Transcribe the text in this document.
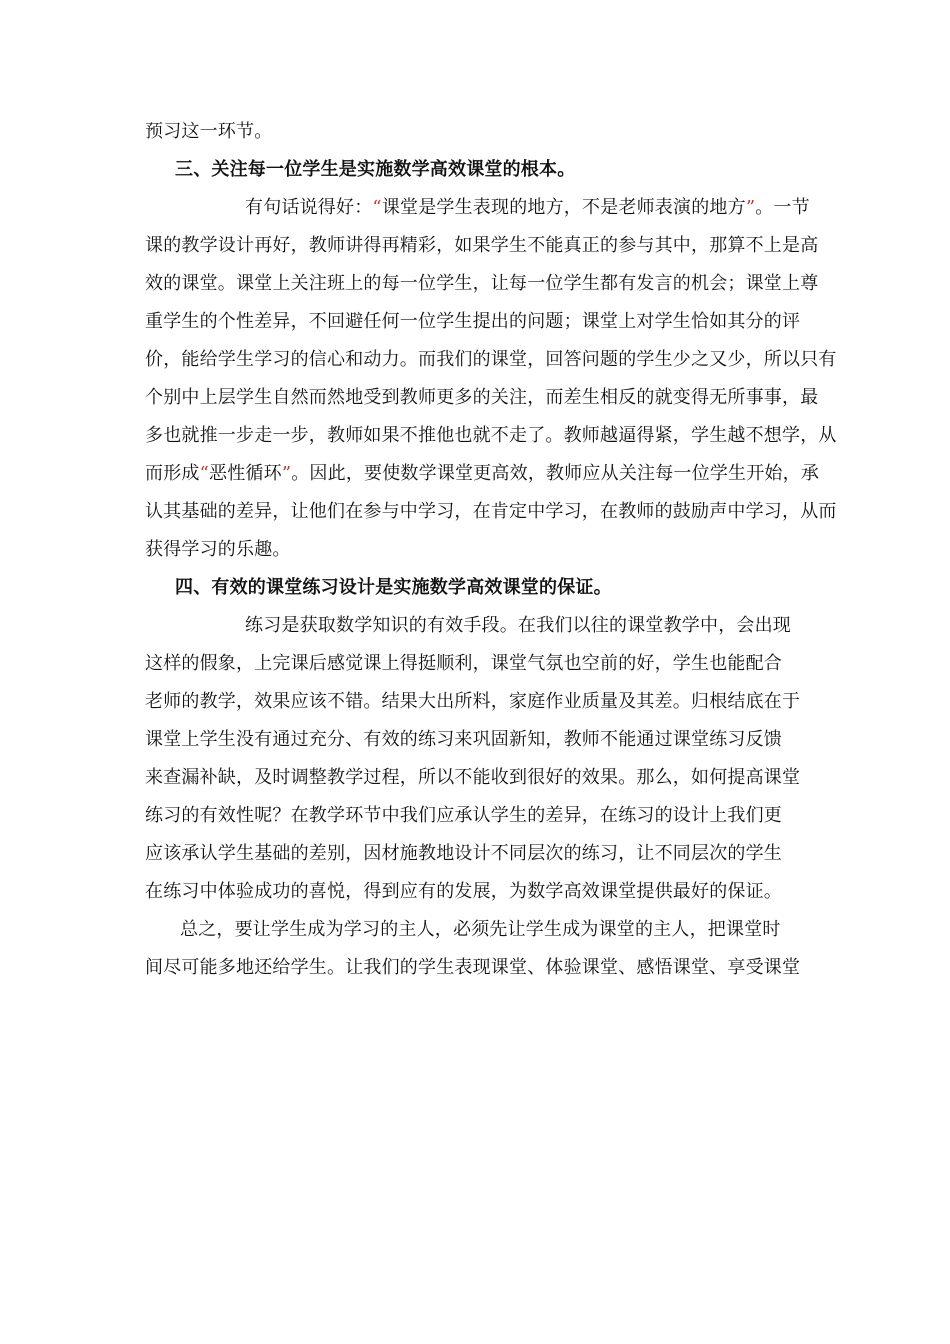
预习这一环节。
三、关注每一位学生是实施数学高效课堂的根本。
有句话说得好：“课堂是学生表现的地方，不是老师表演的地方”。一节
课的教学设计再好，教师讲得再精彩，如果学生不能真正的参与其中，那算不上是高
效的课堂。课堂上关注班上的每一位学生，让每一位学生都有发言的机会；课堂上尊
重学生的个性差异，不回避任何一位学生提出的问题；课堂上对学生恰如其分的评
价，能给学生学习的信心和动力。而我们的课堂，回答问题的学生少之又少，所以只有
个别中上层学生自然而然地受到教师更多的关注，而差生相反的就变得无所事事，最
多也就推一步走一步，教师如果不推他也就不走了。教师越逼得紧，学生越不想学，从
而形成“恶性循环”。因此，要使数学课堂更高效，教师应从关注每一位学生开始，承
认其基础的差异，让他们在参与中学习，在肯定中学习，在教师的鼓励声中学习，从而
获得学习的乐趣。
四、有效的课堂练习设计是实施数学高效课堂的保证。
练习是获取数学知识的有效手段。在我们以往的课堂教学中，会出现
这样的假象，上完课后感觉课上得挺顺利，课堂气氛也空前的好，学生也能配合
老师的教学，效果应该不错。结果大出所料，家庭作业质量及其差。归根结底在于
课堂上学生没有通过充分、有效的练习来巩固新知，教师不能通过课堂练习反馈
来查漏补缺，及时调整教学过程，所以不能收到很好的效果。那么，如何提高课堂
练习的有效性呢？在教学环节中我们应承认学生的差异，在练习的设计上我们更
应该承认学生基础的差别，因材施教地设计不同层次的练习，让不同层次的学生
在练习中体验成功的喜悦，得到应有的发展，为数学高效课堂提供最好的保证。
总之，要让学生成为学习的主人，必须先让学生成为课堂的主人，把课堂时
间尽可能多地还给学生。让我们的学生表现课堂、体验课堂、感悟课堂、享受课堂
